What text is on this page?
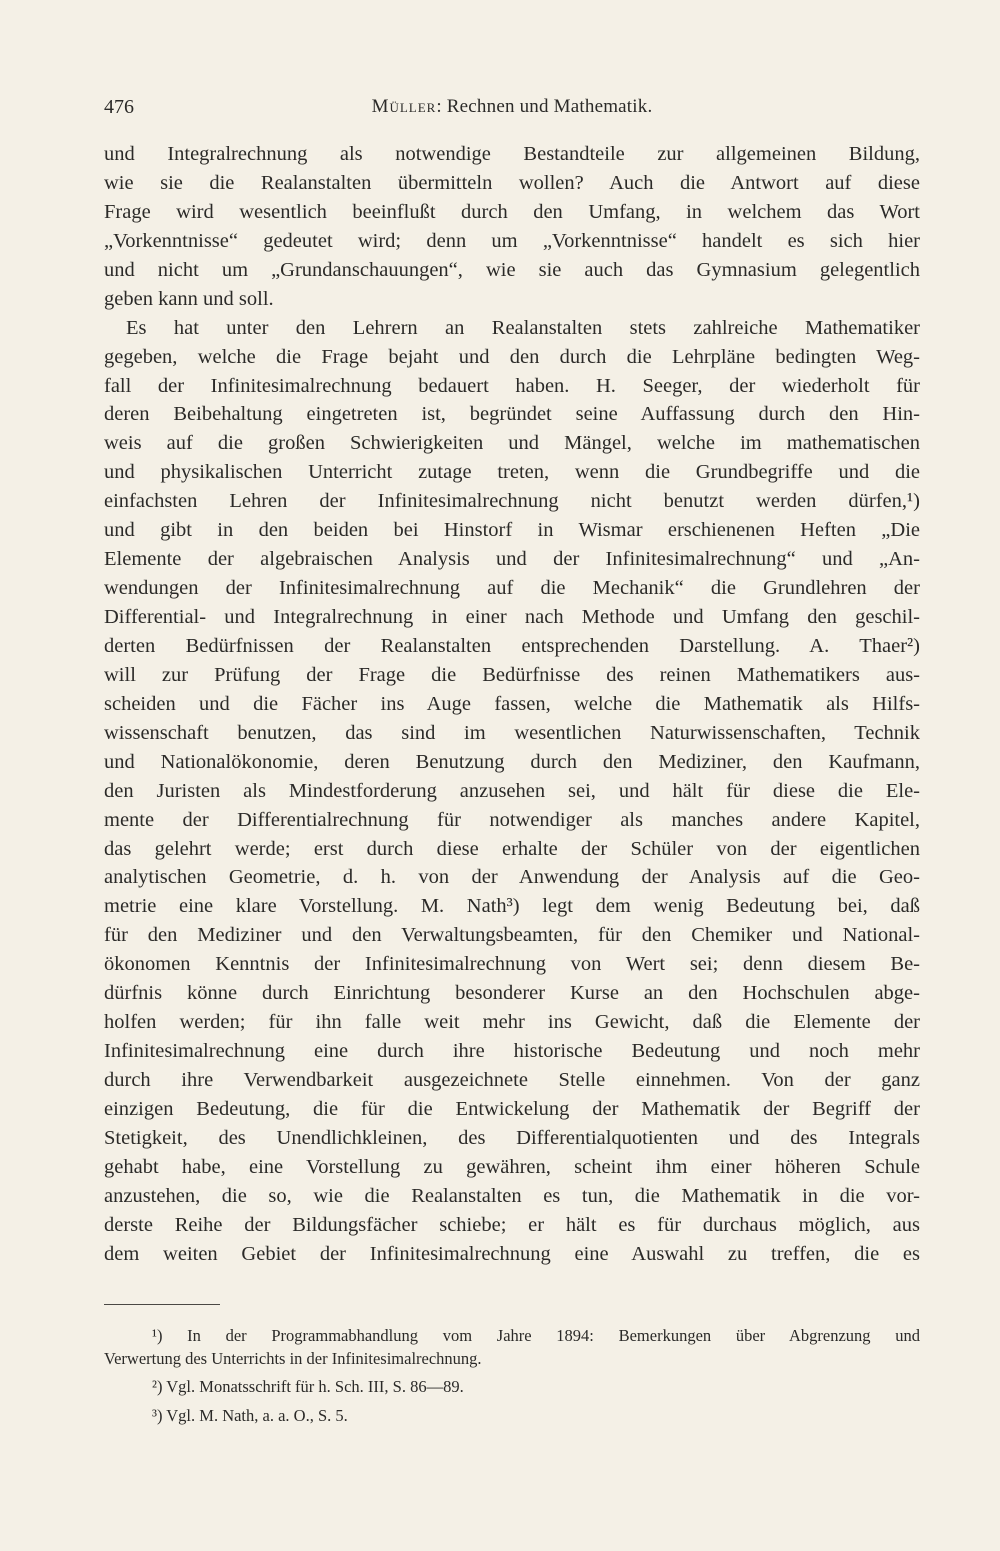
476	Müller: Rechnen und Mathematik.
und Integralrechnung als notwendige Bestandteile zur allgemeinen Bildung,
wie sie die Realanstalten übermitteln wollen? Auch die Antwort auf diese
Frage wird wesentlich beeinflußt durch den Umfang, in welchem das Wort
„Vorkenntnisse“ gedeutet wird; denn um „Vorkenntnisse“ handelt es sich hier
und nicht um „Grundanschauungen“, wie sie auch das Gymnasium gelegentlich
geben kann und soll.
Es hat unter den Lehrern an Realanstalten stets zahlreiche Mathematiker
gegeben, welche die Frage bejaht und den durch die Lehrpläne bedingten Weg-
fall der Infinitesimalrechnung bedauert haben. H. Seeger, der wiederholt für
deren Beibehaltung eingetreten ist, begründet seine Auffassung durch den Hin-
weis auf die großen Schwierigkeiten und Mängel, welche im mathematischen
und physikalischen Unterricht zutage treten, wenn die Grundbegriffe und die
einfachsten Lehren der Infinitesimalrechnung nicht benutzt werden dürfen,¹)
und gibt in den beiden bei Hinstorf in Wismar erschienenen Heften „Die
Elemente der algebraischen Analysis und der Infinitesimalrechnung“ und „An-
wendungen der Infinitesimalrechnung auf die Mechanik“ die Grundlehren der
Differential- und Integralrechnung in einer nach Methode und Umfang den geschil-
derten Bedürfnissen der Realanstalten entsprechenden Darstellung. A. Thaer²)
will zur Prüfung der Frage die Bedürfnisse des reinen Mathematikers aus-
scheiden und die Fächer ins Auge fassen, welche die Mathematik als Hilfs-
wissenschaft benutzen, das sind im wesentlichen Naturwissenschaften, Technik
und Nationalökonomie, deren Benutzung durch den Mediziner, den Kaufmann,
den Juristen als Mindestforderung anzusehen sei, und hält für diese die Ele-
mente der Differentialrechnung für notwendiger als manches andere Kapitel,
das gelehrt werde; erst durch diese erhalte der Schüler von der eigentlichen
analytischen Geometrie, d. h. von der Anwendung der Analysis auf die Geo-
metrie eine klare Vorstellung. M. Nath³) legt dem wenig Bedeutung bei, daß
für den Mediziner und den Verwaltungsbeamten, für den Chemiker und National-
ökonomen Kenntnis der Infinitesimalrechnung von Wert sei; denn diesem Be-
dürfnis könne durch Einrichtung besonderer Kurse an den Hochschulen abge-
holfen werden; für ihn falle weit mehr ins Gewicht, daß die Elemente der
Infinitesimalrechnung eine durch ihre historische Bedeutung und noch mehr
durch ihre Verwendbarkeit ausgezeichnete Stelle einnehmen. Von der ganz
einzigen Bedeutung, die für die Entwickelung der Mathematik der Begriff der
Stetigkeit, des Unendlichkleinen, des Differentialquotienten und des Integrals
gehabt habe, eine Vorstellung zu gewähren, scheint ihm einer höheren Schule
anzustehen, die so, wie die Realanstalten es tun, die Mathematik in die vor-
derste Reihe der Bildungsfächer schiebe; er hält es für durchaus möglich, aus
dem weiten Gebiet der Infinitesimalrechnung eine Auswahl zu treffen, die es
¹) In der Programmabhandlung vom Jahre 1894: Bemerkungen über Abgrenzung und
Verwertung des Unterrichts in der Infinitesimalrechnung.
²) Vgl. Monatsschrift für h. Sch. III, S. 86—89.
³) Vgl. M. Nath, a. a. O., S. 5.
